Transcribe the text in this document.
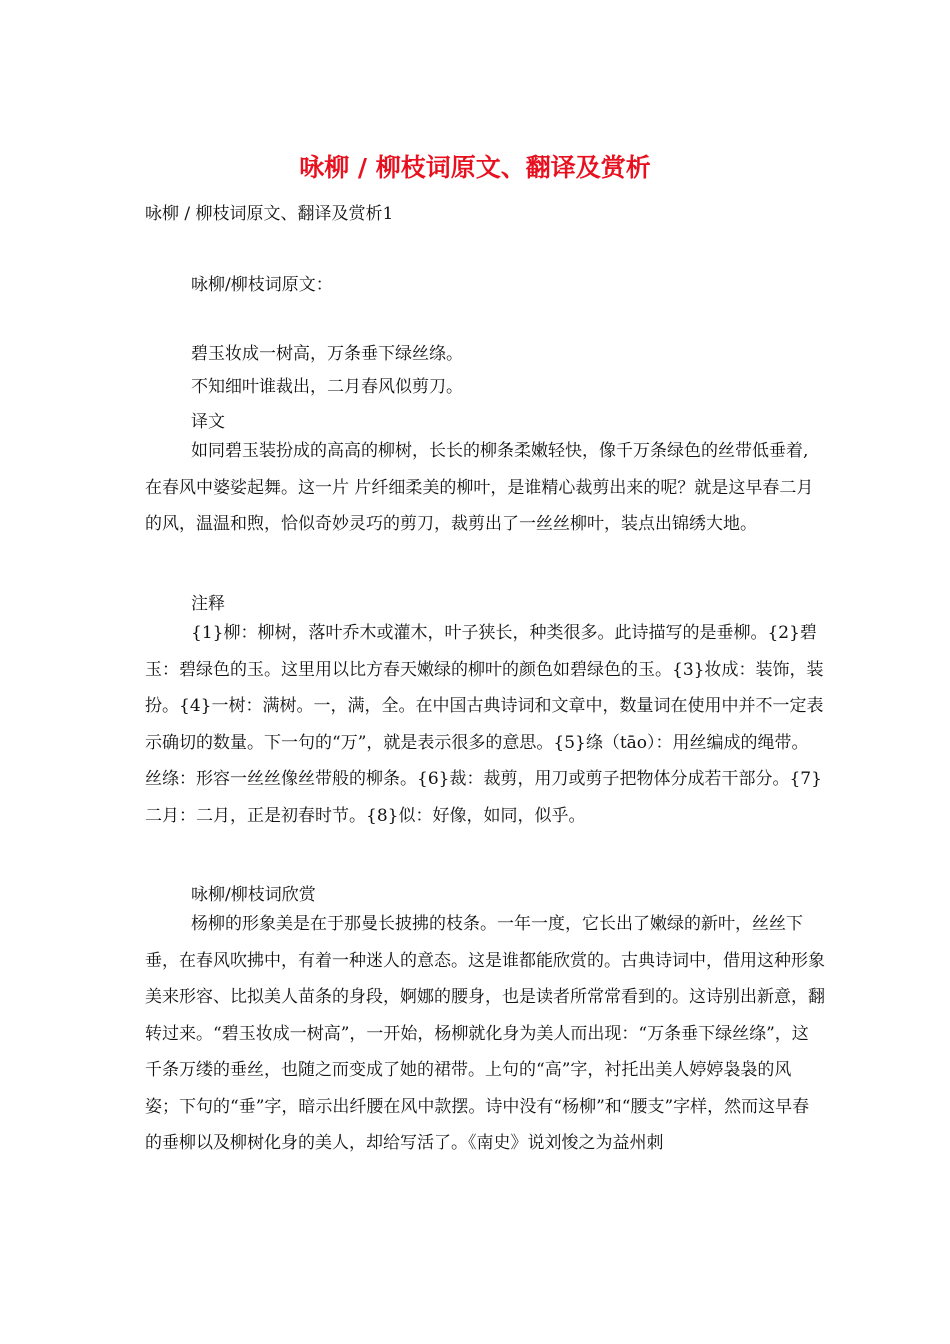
咏柳 / 柳枝词原文、翻译及赏析
咏柳 / 柳枝词原文、翻译及赏析1
咏柳/柳枝词原文：
碧玉妆成一树高，万条垂下绿丝绦。
不知细叶谁裁出，二月春风似剪刀。
译文

如同碧玉装扮成的高高的柳树，长长的柳条柔嫩轻快，像千万条绿色的丝带低垂着,在春风中婆娑起舞。这一片 片纤细柔美的柳叶，是谁精心裁剪出来的呢？就是这早春二月的风，温温和煦，恰似奇妙灵巧的剪刀，裁剪出了一丝丝柳叶，装点出锦绣大地。

注释

{1}柳：柳树，落叶乔木或灌木，叶子狭长，种类很多。此诗描写的是垂柳。{2}碧玉：碧绿色的玉。这里用以比方春天嫩绿的柳叶的颜色如碧绿色的玉。{3}妆成：装饰，装扮。{4}一树：满树。一，满，全。在中国古典诗词和文章中，数量词在使用中并不一定表示确切的数量。下一句的“万”，就是表示很多的意思。{5}绦（tāo）：用丝编成的绳带。丝绦：形容一丝丝像丝带般的柳条。{6}裁：裁剪，用刀或剪子把物体分成若干部分。{7}二月：二月，正是初春时节。{8}似：好像，如同，似乎。

咏柳/柳枝词欣赏

杨柳的形象美是在于那曼长披拂的枝条。一年一度，它长出了嫩绿的新叶，丝丝下垂，在春风吹拂中，有着一种迷人的意态。这是谁都能欣赏的。古典诗词中，借用这种形象美来形容、比拟美人苗条的身段，婀娜的腰身，也是读者所常常看到的。这诗别出新意，翻转过来。“碧玉妆成一树高”，一开始，杨柳就化身为美人而出现：“万条垂下绿丝绦”，这千条万缕的垂丝，也随之而变成了她的裙带。上句的“高”字，衬托出美人婷婷袅袅的风姿；下句的“垂”字，暗示出纤腰在风中款摆。诗中没有“杨柳”和“腰支”字样，然而这早春的垂柳以及柳树化身的美人，却给写活了。《南史》说刘悛之为益州刺
